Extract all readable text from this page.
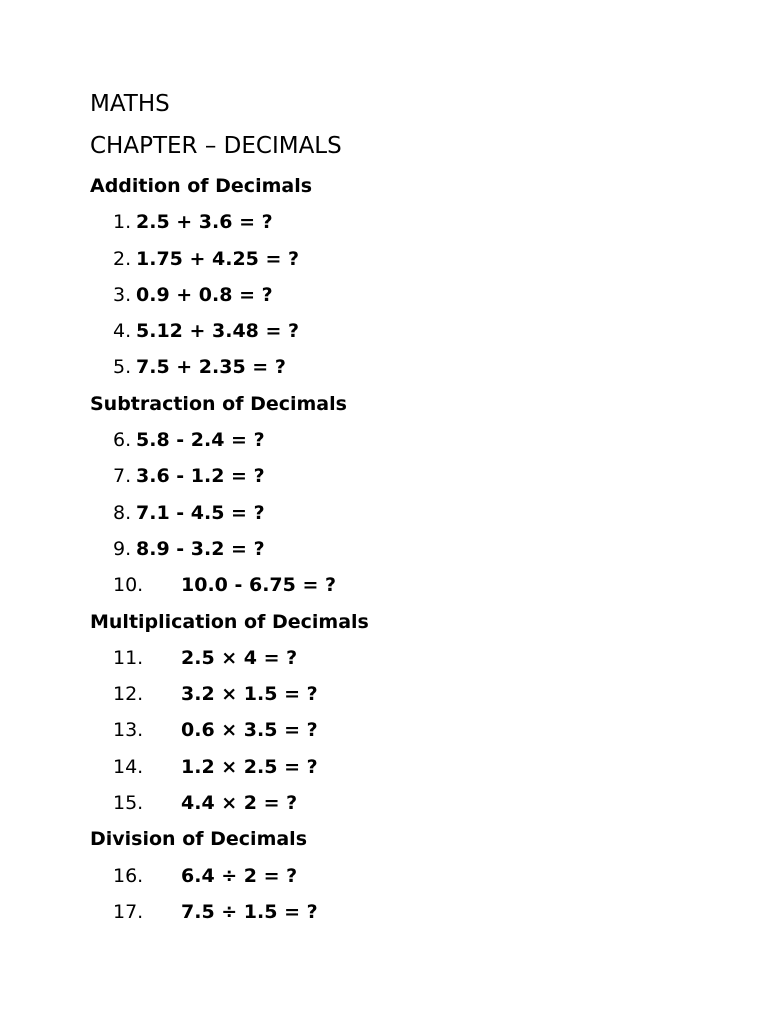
MATHS
CHAPTER – DECIMALS
Addition of Decimals
1. 2.5 + 3.6 = ?
2. 1.75 + 4.25 = ?
3. 0.9 + 0.8 = ?
4. 5.12 + 3.48 = ?
5. 7.5 + 2.35 = ?
Subtraction of Decimals
6. 5.8 - 2.4 = ?
7. 3.6 - 1.2 = ?
8. 7.1 - 4.5 = ?
9. 8.9 - 3.2 = ?
10. 10.0 - 6.75 = ?
Multiplication of Decimals
11. 2.5 × 4 = ?
12. 3.2 × 1.5 = ?
13. 0.6 × 3.5 = ?
14. 1.2 × 2.5 = ?
15. 4.4 × 2 = ?
Division of Decimals
16. 6.4 ÷ 2 = ?
17. 7.5 ÷ 1.5 = ?
